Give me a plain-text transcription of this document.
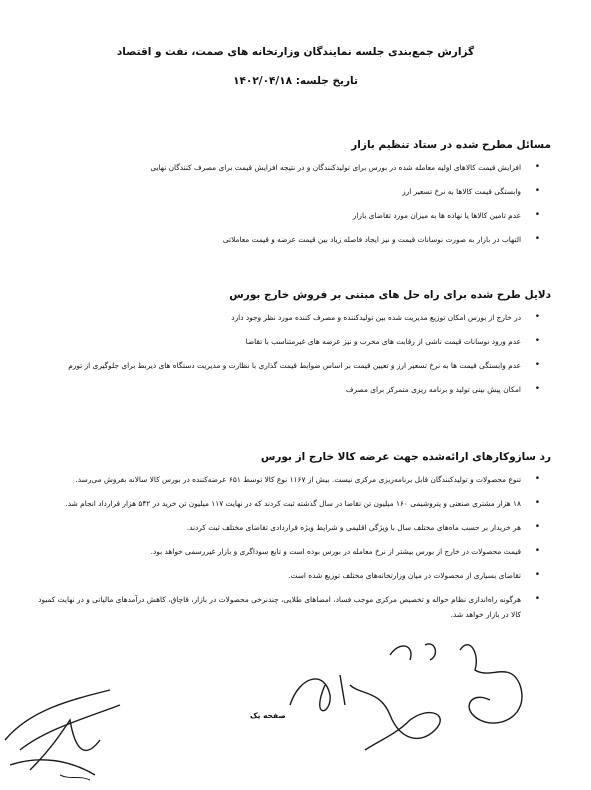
گزارش جمع‌بندی جلسه نمایندگان وزارتخانه های صمت، نفت و اقتصاد

تاریخ جلسه: ۱۴۰۲/۰۴/۱۸
مسائل مطرح شده در ستاد تنظیم بازار
• افزایش قیمت کالاهای اولیه معامله شده در بورس برای تولیدکنندگان و در نتیجه افزایش قیمت برای مصرف کنندگان نهایی
• وابستگی قیمت کالاها به نرخ تسعیر ارز
• عدم تامین کالاها یا نهاده ها به میزان مورد تقاضای بازار
• التهاب در بازار به صورت نوسانات قیمت و نیز ایجاد فاصله زیاد بین قیمت عرضه و قیمت معاملاتی
دلایل طرح شده برای راه حل های مبتنی بر فروش خارج بورس
• در خارج از بورس امکان توزیع مدیریت شده بین تولیدکننده و مصرف کننده مورد نظر وجود دارد
• عدم ورود نوسانات قیمت ناشی از رقابت های مخرب و نیز عرضه های غیرمتناسب با تقاضا
• عدم وابستگی قیمت ها به نرخ تسعیر ارز و تعیین قیمت بر اساس ضوابط قیمت گذاری با نظارت و مدیریت دستگاه های ذیربط برای جلوگیری از تورم
• امکان پیش بینی تولید و برنامه ریزی متمرکز برای مصرف
رد سازوکارهای ارائه‌شده جهت عرضه کالا خارج از بورس
• تنوع محصولات و تولیدکنندگان قابل برنامه‌ریزی مرکزی نیست. بیش از ۱۱۶۷ نوع کالا توسط ۶۵۱ عرضه‌کننده در بورس کالا سالانه بفروش می‌رسد.
• ۱۸ هزار مشتری صنعتی و پتروشیمی ۱۶۰ میلیون تن تقاضا در سال گذشته ثبت کردند که در نهایت ۱۱۷ میلیون تن خرید در ۵۴۲ هزار قرارداد انجام شد.
• هر خریدار بر حسب ماه‌های مختلف سال با ویژگی اقلیمی و شرایط ویژه قراردادی تقاضای مختلف ثبت کردند.
• قیمت محصولات در خارج از بورس بیشتر از نرخ معامله در بورس بوده است و تابع سوداگری و بازار غیررسمی خواهد بود.
• تقاضای بسیاری از محصولات در میان وزارتخانه‌های مختلف توزیع شده است.
• هرگونه راه‌اندازی نظام حواله و تخصیص مرکزی موجب فساد، امضاهای طلایی، چندنرخی محصولات در بازار، قاچاق، کاهش درآمدهای مالیاتی و در نهایت کمبود کالا در بازار خواهد شد.
صفحه یک
